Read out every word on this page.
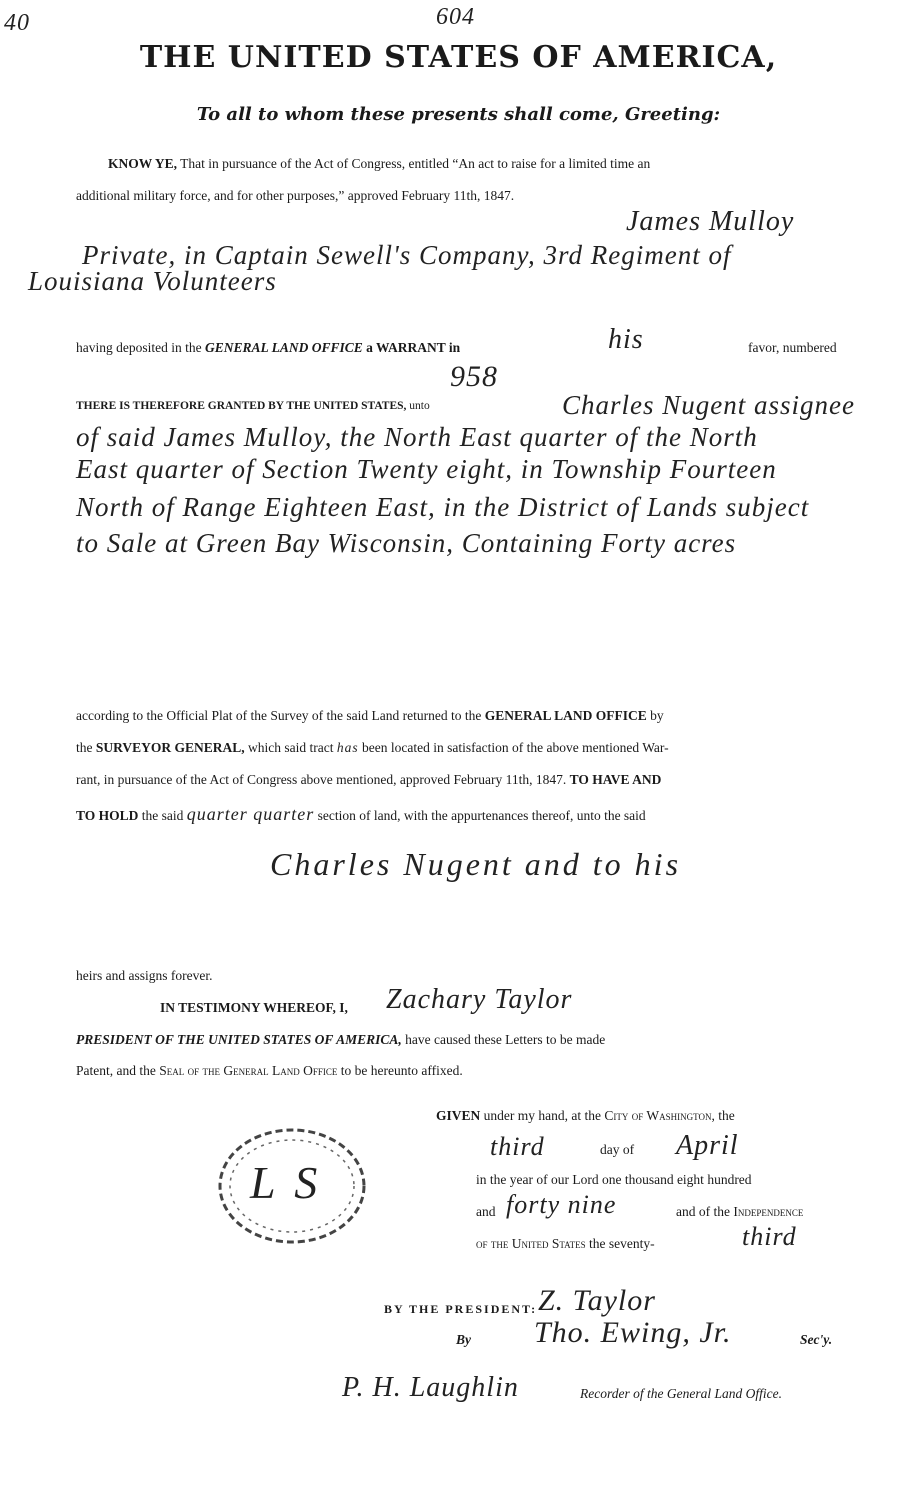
40	604
THE UNITED STATES OF AMERICA,
To all to whom these presents shall come, Greeting:
KNOW YE, That in pursuance of the Act of Congress, entitled “An act to raise for a limited time an
additional military force, and for other purposes,” approved February 11th, 1847.
James Mulloy
Private, in Captain Sewell's Company, 3rd Regiment of
Louisiana Volunteers
having deposited in the GENERAL LAND OFFICE a WARRANT in	his	favor, numbered
958
THERE IS THEREFORE GRANTED BY THE UNITED STATES, unto	Charles Nugent assignee
of said James Mulloy, the North East quarter of the North
East quarter of Section Twenty eight, in Township Fourteen
North of Range Eighteen East, in the District of Lands subject
to Sale at Green Bay Wisconsin, Containing Forty acres
according to the Official Plat of the Survey of the said Land returned to the GENERAL LAND OFFICE by
the SURVEYOR GENERAL, which said tract has been located in satisfaction of the above mentioned War-
rant, in pursuance of the Act of Congress above mentioned, approved February 11th, 1847. TO HAVE AND
TO HOLD the said quarter quarter section of land, with the appurtenances thereof, unto the said
Charles Nugent and to his
heirs and assigns forever.
IN TESTIMONY WHEREOF, I, Zachary Taylor
PRESIDENT OF THE UNITED STATES OF AMERICA, have caused these Letters to be made
Patent, and the Seal of the General Land Office to be hereunto affixed.
GIVEN under my hand, at the City of Washington, the
third	day of April
in the year of our Lord one thousand eight hundred
and forty nine	and of the Independence
of the United States the seventy-	third
L S
BY THE PRESIDENT: Z. Taylor
By Tho. Ewing, Jr.	Sec'y.
P. H. Laughlin	Recorder of the General Land Office.
